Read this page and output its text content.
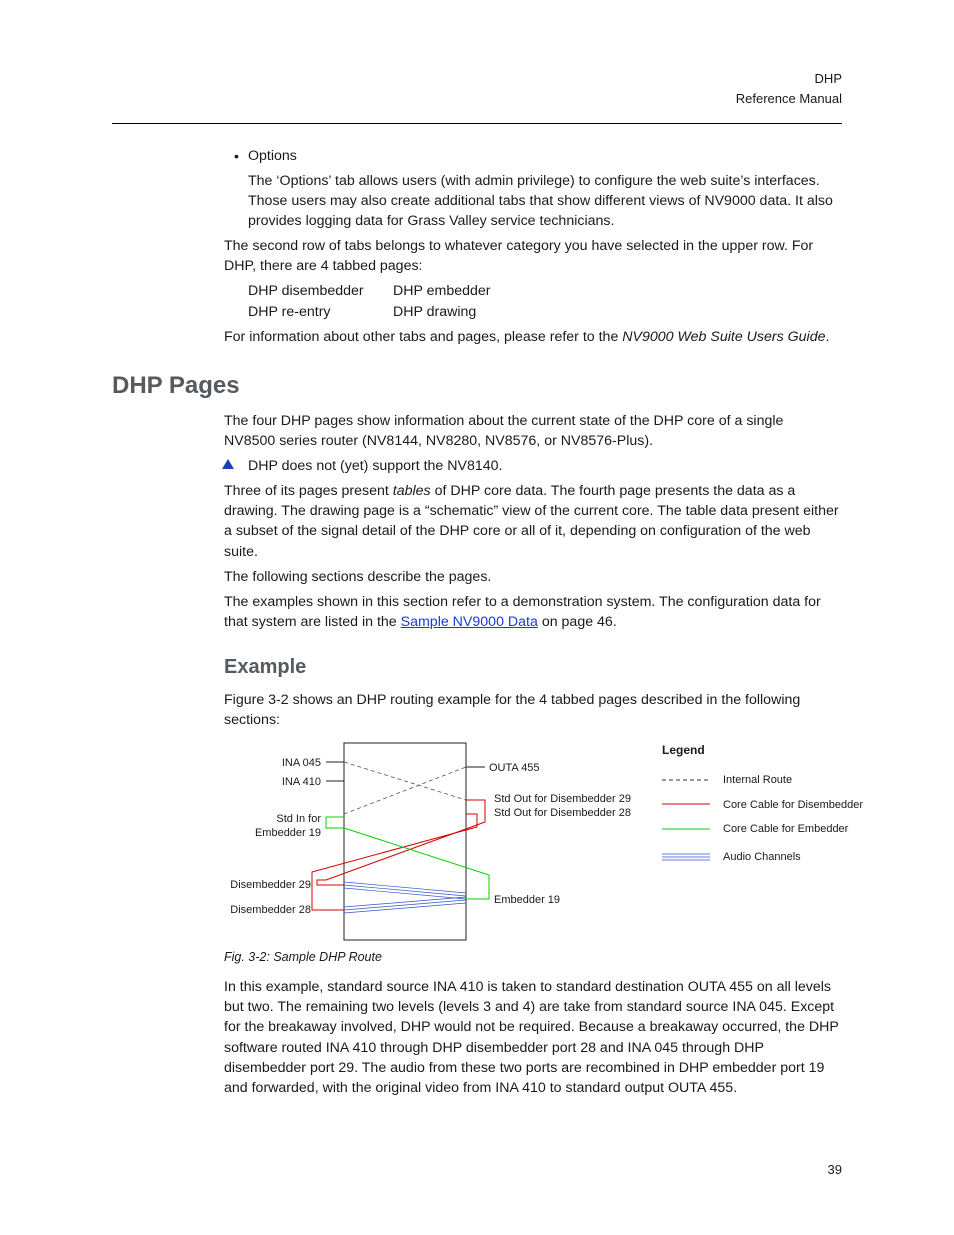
DHP
Reference Manual
• Options
The ‘Options’ tab allows users (with admin privilege) to configure the web suite’s interfaces. Those users may also create additional tabs that show different views of NV9000 data. It also provides logging data for Grass Valley service technicians.
The second row of tabs belongs to whatever category you have selected in the upper row. For DHP, there are 4 tabbed pages:
DHP disembedder DHP embedder
DHP re-entry	DHP drawing
For information about other tabs and pages, please refer to the NV9000 Web Suite Users Guide.
DHP Pages
The four DHP pages show information about the current state of the DHP core of a single NV8500 series router (NV8144, NV8280, NV8576, or NV8576-Plus).
DHP does not (yet) support the NV8140.
Three of its pages present tables of DHP core data. The fourth page presents the data as a drawing. The drawing page is a “schematic” view of the current core. The table data present either a subset of the signal detail of the DHP core or all of it, depending on configuration of the web suite.
The following sections describe the pages.
The examples shown in this section refer to a demonstration system. The configuration data for that system are listed in the Sample NV9000 Data on page 46.
Example
Figure 3-2 shows an DHP routing example for the 4 tabbed pages described in the following sections:
INA 045
INA 410
Std In for
Embedder 19
Disembedder 29
Disembedder 28
OUTA 455
Std Out for Disembedder 29
Std Out for Disembedder 28
Embedder 19
Legend
Internal Route
Core Cable for Disembedder
Core Cable for Embedder
Audio Channels
Fig. 3-2: Sample DHP Route
In this example, standard source INA 410 is taken to standard destination OUTA 455 on all levels but two. The remaining two levels (levels 3 and 4) are take from standard source INA 045. Except for the breakaway involved, DHP would not be required. Because a breakaway occurred, the DHP software routed INA 410 through DHP disembedder port 28 and INA 045 through DHP disembedder port 29. The audio from these two ports are recombined in DHP embedder port 19 and forwarded, with the original video from INA 410 to standard output OUTA 455.
39
